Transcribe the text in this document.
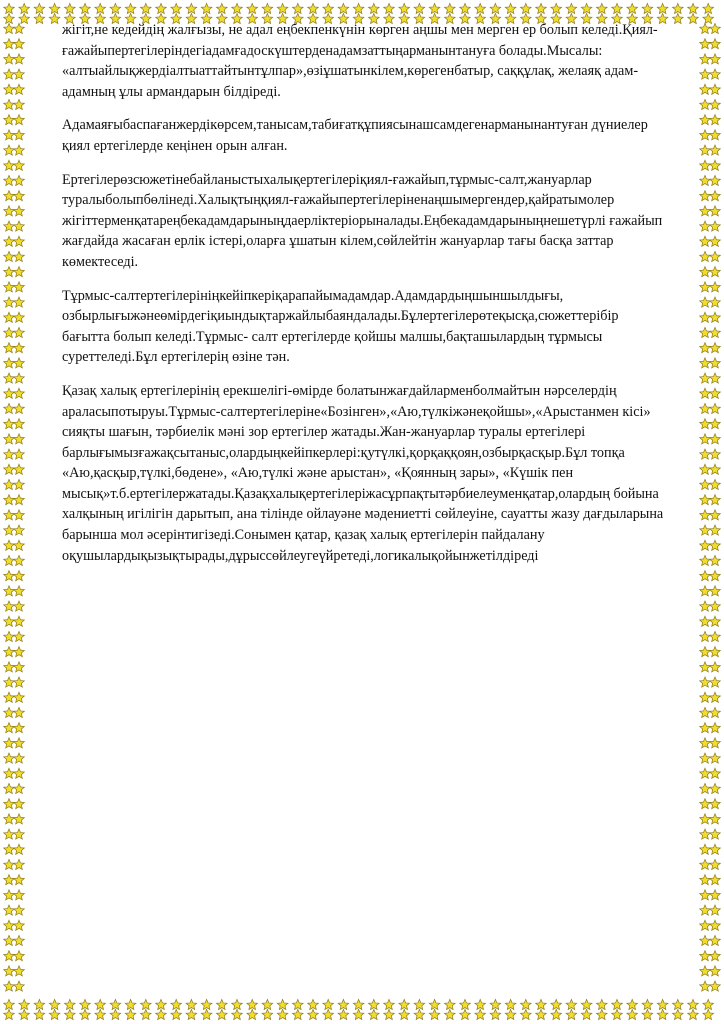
жігіт,не кедейдің жалғызы, не адал еңбекпенкүнін көрген аңшы мен мерген ер болып келеді.Қиял-ғажайыпертегілеріндегіадамғадоскүштерденадамзаттыңарманынтануға болады.Мысалы: «алтыайлықжердіалтыаттайтынтұлпар»,өзіұшатынкілем,көрегенбатыр, саққұлақ, желаяқ адам-адамның ұлы армандарын білдіреді.

Адамаяғыбаспағанжердікөрсем,танысам,табиғатқұпиясынашсамдегенарманынантуған дүниелер қиял ертегілерде кеңінен орын алған.

Ертегілерөзсюжетінебайланыстыхалықертегілеріқиял-ғажайып,тұрмыс-салт,жануарлар туралыболыпбөлінеді.Халықтыңқиял-ғажайыпертегілеріненаңшымергендер,қайратымолер жігіттерменқатареңбекадамдарыныңдаерліктеріорыналады.Еңбекадамдарыныңнешетүрлі ғажайып жағдайда жасаған ерлік істері,оларға ұшатын кілем,сөйлейтін жануарлар тағы басқа заттар көмектеседі.

Тұрмыс-салтертегілерініңкейіпкеріқарапайымадамдар.Адамдардыңшыншылдығы, озбырлығыжәнеөмірдегіқиындықтаржайлыбаяндалады.Бұлертегілерөтеқысқа,сюжеттерібір бағытта болып келеді.Тұрмыс- салт ертегілерде қойшы малшы,бақташылардың тұрмысы суреттеледі.Бұл ертегілерің өзіне тән.

Қазақ халық ертегілерінің ерекшелігі-өмірде болатынжағдайларменболмайтын нәрселердің араласыпотыруы.Тұрмыс-салтертегілеріне«Бозінген»,«Аю,түлкіжәнеқойшы»,«Арыстанмен кісі» сияқты шағын, тәрбиелік мәні зор ертегілер жатады.Жан-жануарлар туралы ертегілері барлығымызғажақсытаныс,олардыңкейіпкерлері:қутүлкі,қорқаққоян,озбырқасқыр.Бұл топқа «Аю,қасқыр,түлкі,бөдене», «Аю,түлкі және арыстан», «Қоянның зары», «Күшік пен мысық»т.б.ертегілержатады.Қазақхалықертегілеріжасұрпақтытәрбиелеуменқатар,олардың бойына халқының игілігін дарытып, ана тілінде ойлауәне мәдениетті сөйлеуіне, сауатты жазу дағдыларына барынша мол әсерінтигізеді.Сонымен қатар, қазақ халық ертегілерін пайдалану оқушылардықызықтырады,дұрыссөйлеугеүйретеді,логикалықойынжетілдіреді
